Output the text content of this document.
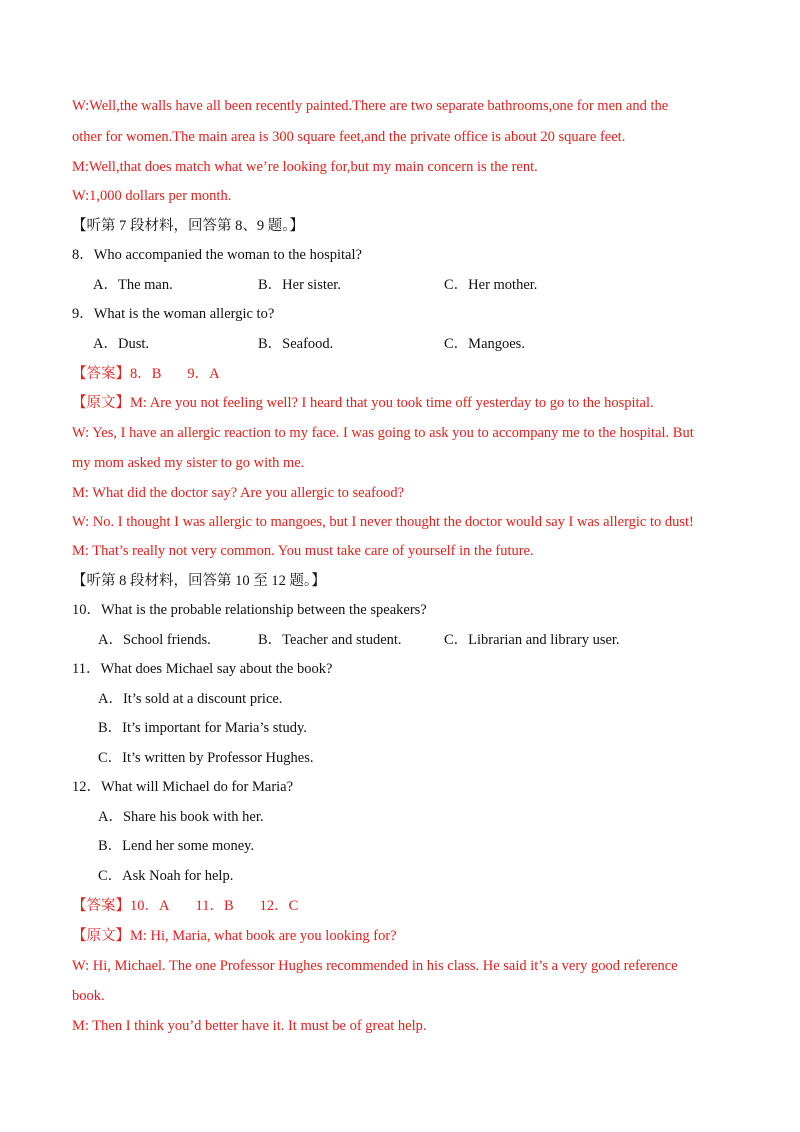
W:Well,the walls have all been recently painted.There are two separate bathrooms,one for men and the
other for women.The main area is 300 square feet,and the private office is about 20 square feet.
M:Well,that does match what we’re looking for,but my main concern is the rent.
W:1,000 dollars per month.
【听第 7 段材料，回答第 8、9 题。】
8．Who accompanied the woman to the hospital?
A．The man.	B．Her sister.	C．Her mother.
9．What is the woman allergic to?
A．Dust.	B．Seafood.	C．Mangoes.
【答案】8．B 9．A
【原文】M: Are you not feeling well? I heard that you took time off yesterday to go to the hospital.
W: Yes, I have an allergic reaction to my face. I was going to ask you to accompany me to the hospital. But
my mom asked my sister to go with me.
M: What did the doctor say? Are you allergic to seafood?
W: No. I thought I was allergic to mangoes, but I never thought the doctor would say I was allergic to dust!
M: That’s really not very common. You must take care of yourself in the future.
【听第 8 段材料，回答第 10 至 12 题。】
10．What is the probable relationship between the speakers?
A．School friends.	B．Teacher and student.	C．Librarian and library user.
11．What does Michael say about the book?
A．It’s sold at a discount price.
B．It’s important for Maria’s study.
C．It’s written by Professor Hughes.
12．What will Michael do for Maria?
A．Share his book with her.
B．Lend her some money.
C．Ask Noah for help.
【答案】10．A 11．B 12．C
【原文】M: Hi, Maria, what book are you looking for?
W: Hi, Michael. The one Professor Hughes recommended in his class. He said it’s a very good reference
book.
M: Then I think you’d better have it. It must be of great help.
